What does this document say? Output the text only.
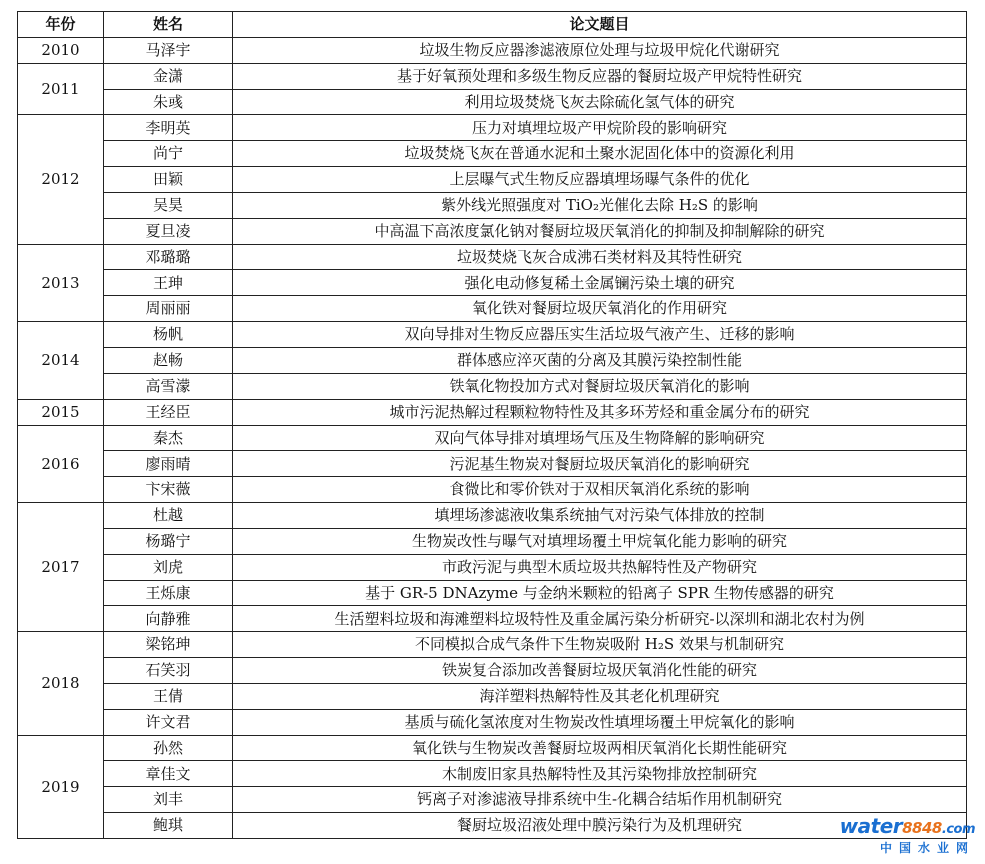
年份	姓名	论文题目
2010	马泽宇	垃圾生物反应器渗滤液原位处理与垃圾甲烷化代谢研究
2011	金潇	基于好氧预处理和多级生物反应器的餐厨垃圾产甲烷特性研究
	朱彧	利用垃圾焚烧飞灰去除硫化氢气体的研究
2012	李明英	压力对填埋垃圾产甲烷阶段的影响研究
	尚宁	垃圾焚烧飞灰在普通水泥和土聚水泥固化体中的资源化利用
	田颖	上层曝气式生物反应器填埋场曝气条件的优化
	吴昊	紫外线光照强度对 TiO₂光催化去除 H₂S 的影响
	夏旦凌	中高温下高浓度氯化钠对餐厨垃圾厌氧消化的抑制及抑制解除的研究
2013	邓璐璐	垃圾焚烧飞灰合成沸石类材料及其特性研究
	王珅	强化电动修复稀土金属镧污染土壤的研究
	周丽丽	氧化铁对餐厨垃圾厌氧消化的作用研究
2014	杨帆	双向导排对生物反应器压实生活垃圾气液产生、迁移的影响
	赵畅	群体感应淬灭菌的分离及其膜污染控制性能
	高雪濛	铁氧化物投加方式对餐厨垃圾厌氧消化的影响
2015	王经臣	城市污泥热解过程颗粒物特性及其多环芳烃和重金属分布的研究
2016	秦杰	双向气体导排对填埋场气压及生物降解的影响研究
	廖雨晴	污泥基生物炭对餐厨垃圾厌氧消化的影响研究
	卞宋薇	食微比和零价铁对于双相厌氧消化系统的影响
2017	杜越	填埋场渗滤液收集系统抽气对污染气体排放的控制
	杨璐宁	生物炭改性与曝气对填埋场覆土甲烷氧化能力影响的研究
	刘虎	市政污泥与典型木质垃圾共热解特性及产物研究
	王烁康	基于 GR-5 DNAzyme 与金纳米颗粒的铅离子 SPR 生物传感器的研究
	向静雅	生活塑料垃圾和海滩塑料垃圾特性及重金属污染分析研究-以深圳和湖北农村为例
2018	梁铭珅	不同模拟合成气条件下生物炭吸附 H₂S 效果与机制研究
	石笑羽	铁炭复合添加改善餐厨垃圾厌氧消化性能的研究
	王倩	海洋塑料热解特性及其老化机理研究
	许文君	基质与硫化氢浓度对生物炭改性填埋场覆土甲烷氧化的影响
2019	孙然	氧化铁与生物炭改善餐厨垃圾两相厌氧消化长期性能研究
	章佳文	木制废旧家具热解特性及其污染物排放控制研究
	刘丰	钙离子对渗滤液导排系统中生-化耦合结垢作用机制研究
	鲍琪	餐厨垃圾沼液处理中膜污染行为及机理研究	water8848.com
中国水业网
